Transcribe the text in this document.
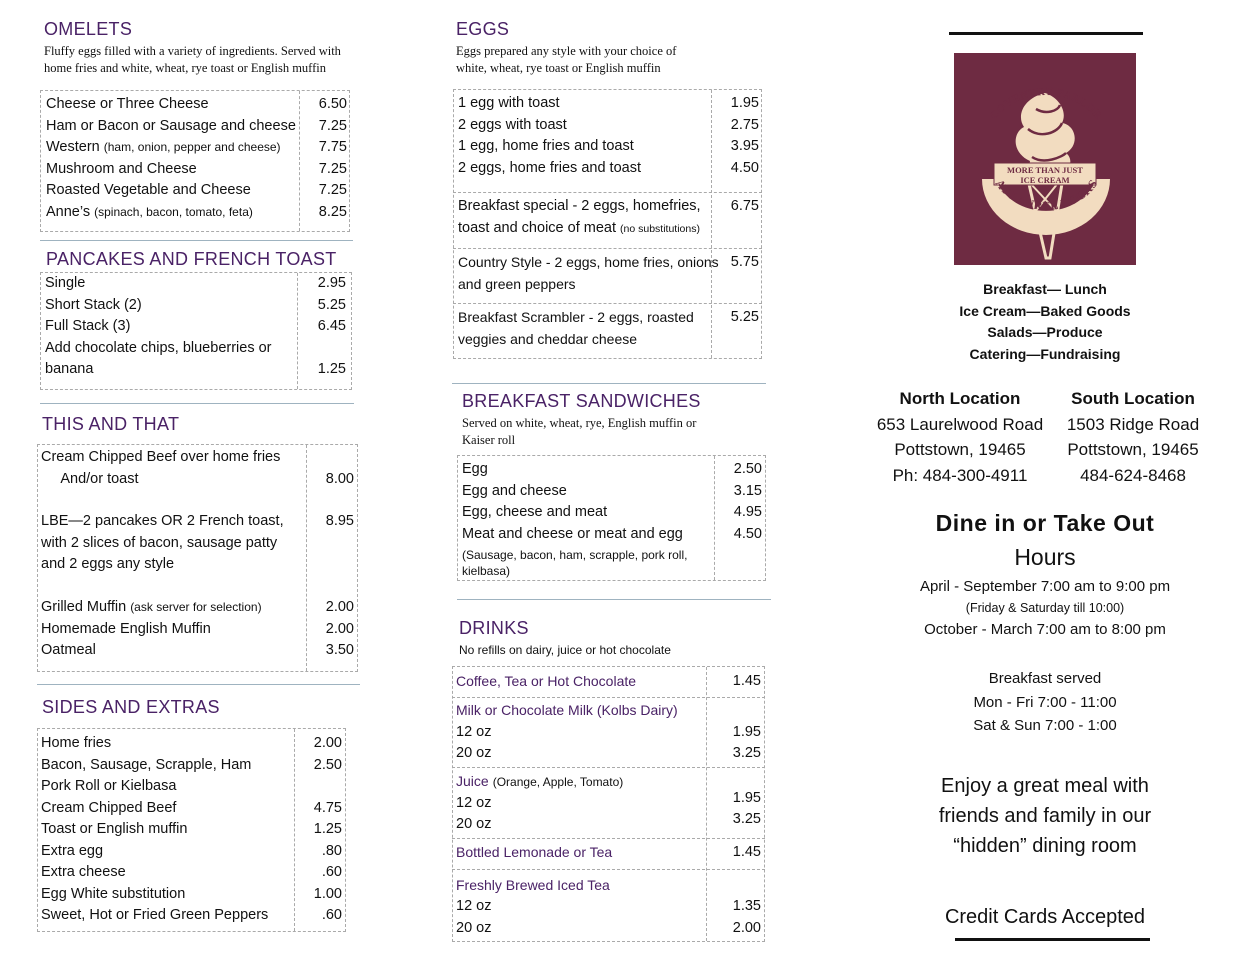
OMELETS
Fluffy eggs filled with a variety of ingredients. Served with
home fries and white, wheat, rye toast or English muffin
Cheese or Three Cheese	6.50
Ham or Bacon or Sausage and cheese	7.25
Western (ham, onion, pepper and cheese)	7.75
Mushroom and Cheese	7.25
Roasted Vegetable and Cheese	7.25
Anne’s (spinach, bacon, tomato, feta)	8.25
PANCAKES AND FRENCH TOAST
Single	2.95
Short Stack (2)	5.25
Full Stack (3)	6.45
Add chocolate chips, blueberries or
banana	1.25
THIS AND THAT
Cream Chipped Beef over home fries
And/or toast	8.00
LBE—2 pancakes OR 2 French toast,	8.95
with 2 slices of bacon, sausage patty
and 2 eggs any style
Grilled Muffin (ask server for selection)	2.00
Homemade English Muffin	2.00
Oatmeal	3.50
SIDES AND EXTRAS
Home fries	2.00
Bacon, Sausage, Scrapple, Ham	2.50
Pork Roll or Kielbasa
Cream Chipped Beef	4.75
Toast or English muffin	1.25
Extra egg	.80
Extra cheese	.60
Egg White substitution	1.00
Sweet, Hot or Fried Green Peppers	.60
EGGS
Eggs prepared any style with your choice of
white, wheat, rye toast or English muffin
1 egg with toast	1.95
2 eggs with toast	2.75
1 egg, home fries and toast	3.95
2 eggs, home fries and toast	4.50
Breakfast special - 2 eggs, homefries,	6.75
toast and choice of meat (no substitutions)
Country Style - 2 eggs, home fries, onions 5.75
and green peppers
Breakfast Scrambler - 2 eggs, roasted	5.25
veggies and cheddar cheese
BREAKFAST SANDWICHES
Served on white, wheat, rye, English muffin or
Kaiser roll
Egg	2.50
Egg and cheese	3.15
Egg, cheese and meat	4.95
Meat and cheese or meat and egg	4.50
(Sausage, bacon, ham, scrapple, pork roll,
kielbasa)
DRINKS
No refills on dairy, juice or hot chocolate
Coffee, Tea or Hot Chocolate	1.45
Milk or Chocolate Milk (Kolbs Dairy)
12 oz	1.95
20 oz	3.25
Juice (Orange, Apple, Tomato)
12 oz	1.95
20 oz	3.25
Bottled Lemonade or Tea	1.45
Freshly Brewed Iced Tea
12 oz	1.35
20 oz	2.00
COVENTRY PARLOR
MORE THAN JUST
ICE CREAM
AT LAUREL LOCKS
Breakfast— Lunch
Ice Cream—Baked Goods
Salads—Produce
Catering—Fundraising
North Location
653 Laurelwood Road
Pottstown, 19465
Ph: 484-300-4911
South Location
1503 Ridge Road
Pottstown, 19465
484-624-8468
Dine in or Take Out
Hours
April - September 7:00 am to 9:00 pm
(Friday & Saturday till 10:00)
October - March 7:00 am to 8:00 pm
Breakfast served
Mon - Fri 7:00 - 11:00
Sat & Sun 7:00 - 1:00
Enjoy a great meal with
friends and family in our
“hidden” dining room
Credit Cards Accepted
